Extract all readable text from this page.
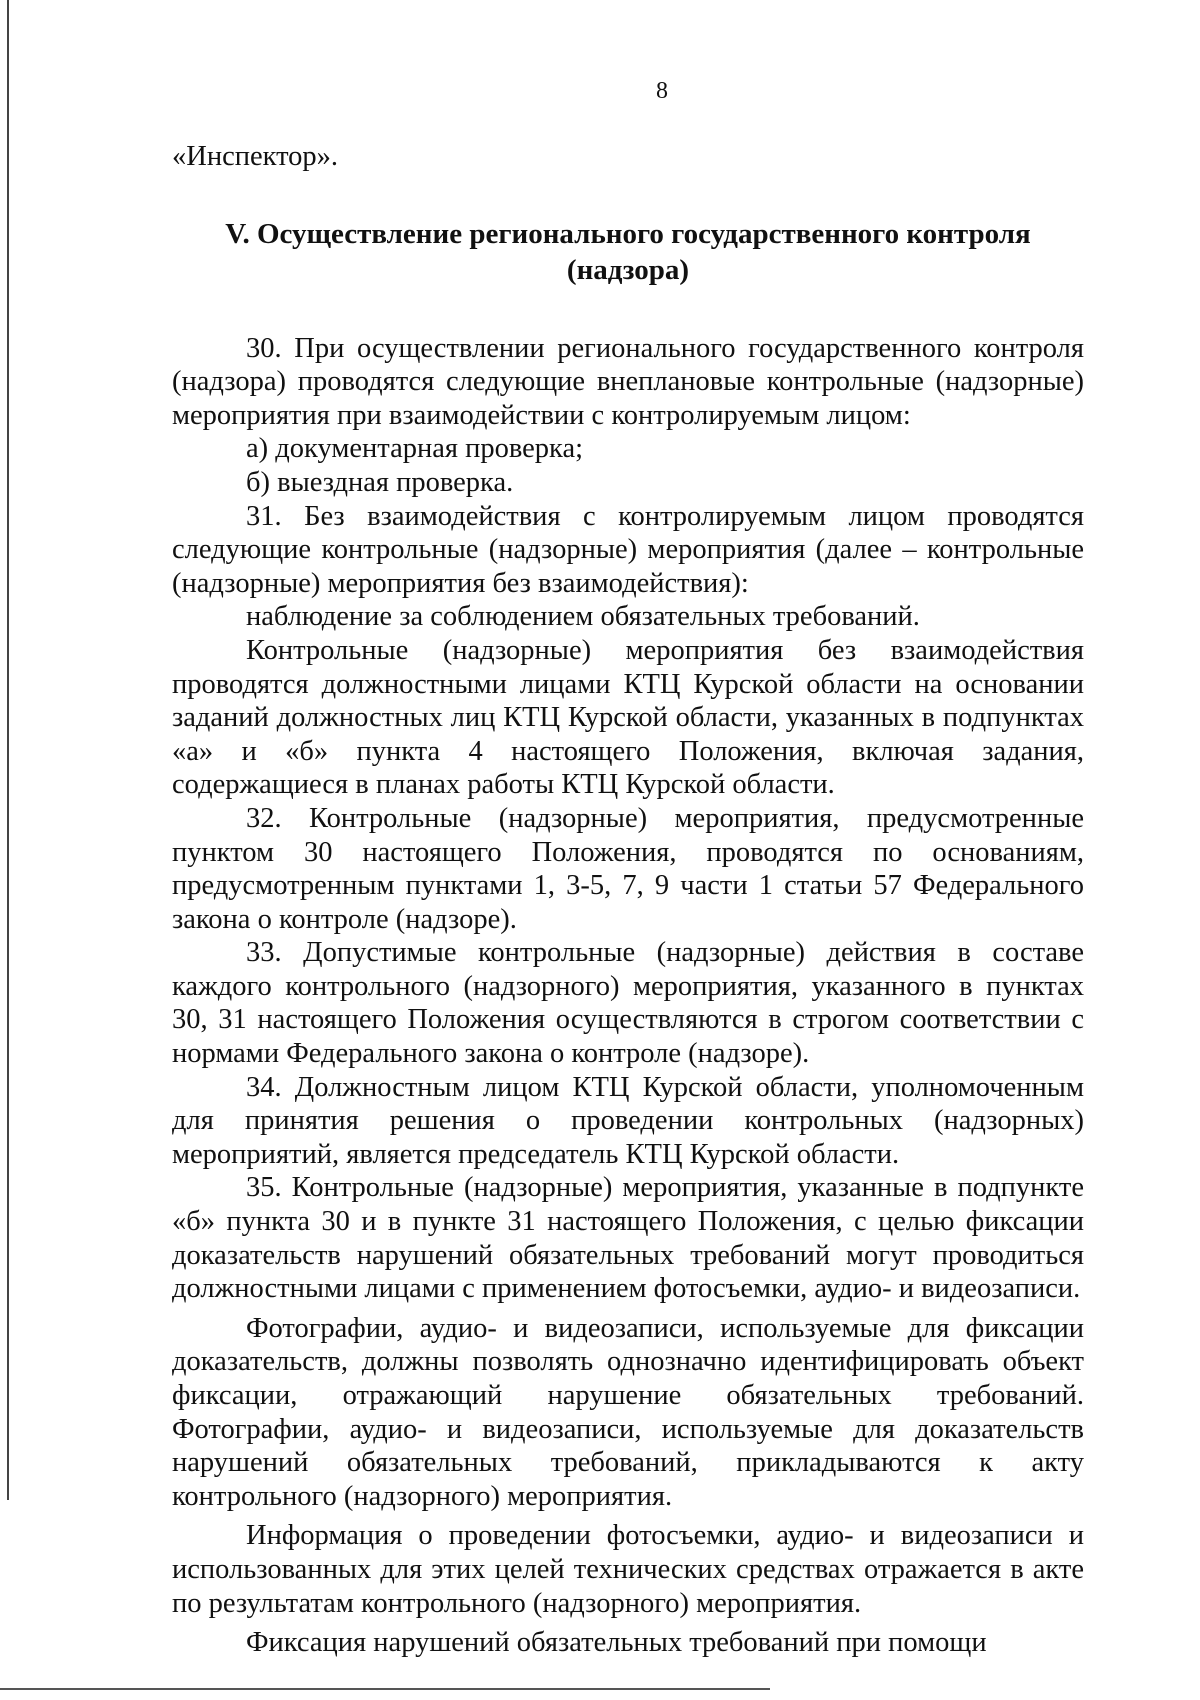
8

«Инспектор».

V. Осуществление регионального государственного контроля
(надзора)

30. При осуществлении регионального государственного контроля (надзора) проводятся следующие внеплановые контрольные (надзорные) мероприятия при взаимодействии с контролируемым лицом:

а) документарная проверка;

б) выездная проверка.

31. Без взаимодействия с контролируемым лицом проводятся следующие контрольные (надзорные) мероприятия (далее – контрольные (надзорные) мероприятия без взаимодействия):

наблюдение за соблюдением обязательных требований.

Контрольные (надзорные) мероприятия без взаимодействия проводятся должностными лицами КТЦ Курской области на основании заданий должностных лиц КТЦ Курской области, указанных в подпунктах «а» и «б» пункта 4 настоящего Положения, включая задания, содержащиеся в планах работы КТЦ Курской области.

32. Контрольные (надзорные) мероприятия, предусмотренные пунктом 30 настоящего Положения, проводятся по основаниям, предусмотренным пунктами 1, 3-5, 7, 9 части 1 статьи 57 Федерального закона о контроле (надзоре).

33. Допустимые контрольные (надзорные) действия в составе каждого контрольного (надзорного) мероприятия, указанного в пунктах 30, 31 настоящего Положения осуществляются в строгом соответствии с нормами Федерального закона о контроле (надзоре).

34. Должностным лицом КТЦ Курской области, уполномоченным для принятия решения о проведении контрольных (надзорных) мероприятий, является председатель КТЦ Курской области.

35. Контрольные (надзорные) мероприятия, указанные в подпункте «б» пункта 30 и в пункте 31 настоящего Положения, с целью фиксации доказательств нарушений обязательных требований могут проводиться должностными лицами с применением фотосъемки, аудио- и видеозаписи.

Фотографии, аудио- и видеозаписи, используемые для фиксации доказательств, должны позволять однозначно идентифицировать объект фиксации, отражающий нарушение обязательных требований. Фотографии, аудио- и видеозаписи, используемые для доказательств нарушений обязательных требований, прикладываются к акту контрольного (надзорного) мероприятия.

Информация о проведении фотосъемки, аудио- и видеозаписи и использованных для этих целей технических средствах отражается в акте по результатам контрольного (надзорного) мероприятия.

Фиксация нарушений обязательных требований при помощи
